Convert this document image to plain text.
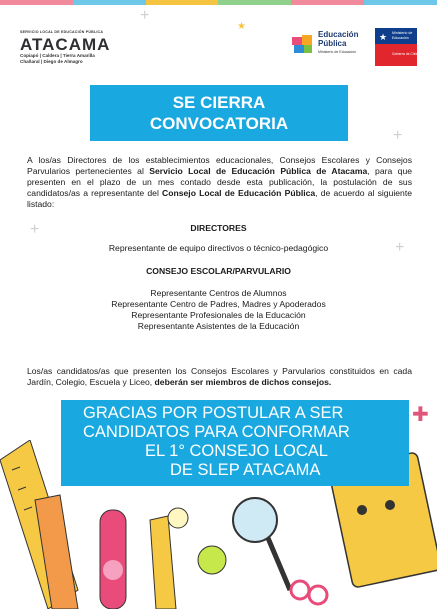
+
★
+
+
+
✚
SERVICIO LOCAL DE EDUCACIÓN PÚBLICA
ATACAMA
Copiapó | Caldera | Tierra Amarilla
Chañaral | Diego de Almagro
Educación
Pública
Ministerio de Educación
★ Ministerio de
Educación
Gobierno de Chile
SE CIERRA
CONVOCATORIA

A los/as Directores de los establecimientos educacionales, Consejos Escolares y Consejos Parvularios pertenecientes al Servicio Local de Educación Pública de Atacama, para que presenten en el plazo de un mes contado desde esta publicación, la postulación de sus candidatos/as a representante del Consejo Local de Educación Pública, de acuerdo al siguiente listado:

DIRECTORES
Representante de equipo directivos o técnico-pedagógico
CONSEJO ESCOLAR/PARVULARIO
Representante Centros de Alumnos
Representante Centro de Padres, Madres y Apoderados
Representante Profesionales de la Educación
Representante Asistentes de la Educación

Los/as candidatos/as que presenten los Consejos Escolares y Parvularios constituidos en cada Jardín, Colegio, Escuela y Liceo, deberán ser miembros de dichos consejos.

GRACIAS POR POSTULAR A SER
CANDIDATOS PARA CONFORMAR
EL 1° CONSEJO LOCAL
DE SLEP ATACAMA
